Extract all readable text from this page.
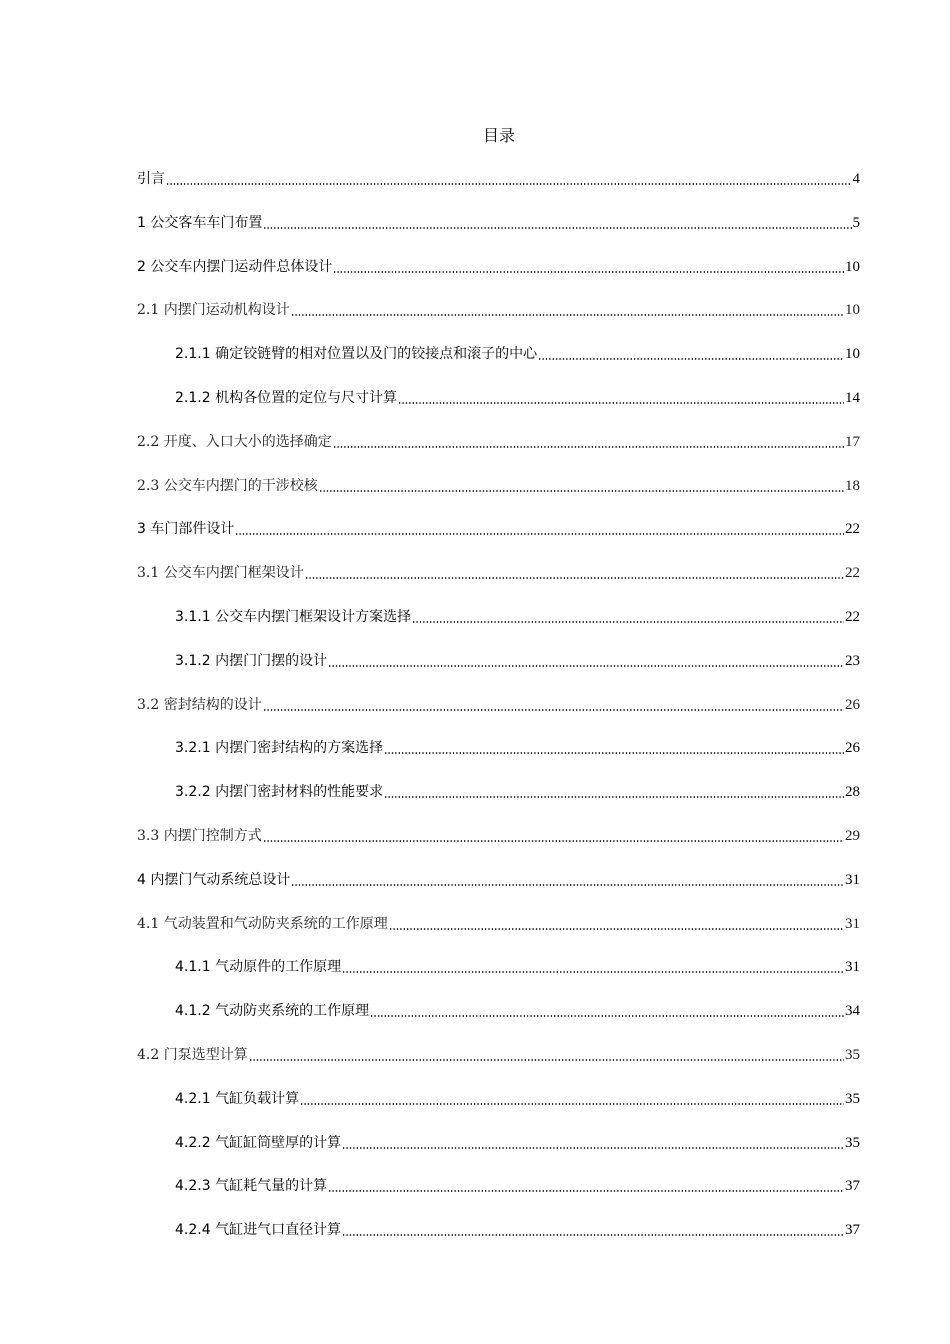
目录
引言	4
1 公交客车车门布置	5
2 公交车内摆门运动件总体设计	10
2.1 内摆门运动机构设计	10
2.1.1 确定铰链臂的相对位置以及门的铰接点和滚子的中心	10
2.1.2 机构各位置的定位与尺寸计算	14
2.2 开度、入口大小的选择确定	17
2.3 公交车内摆门的干涉校核	18
3 车门部件设计	22
3.1 公交车内摆门框架设计	22
3.1.1 公交车内摆门框架设计方案选择	22
3.1.2 内摆门门摆的设计	23
3.2 密封结构的设计	26
3.2.1 内摆门密封结构的方案选择	26
3.2.2 内摆门密封材料的性能要求	28
3.3 内摆门控制方式	29
4 内摆门气动系统总设计	31
4.1 气动装置和气动防夹系统的工作原理	31
4.1.1 气动原件的工作原理	31
4.1.2 气动防夹系统的工作原理	34
4.2 门泵选型计算	35
4.2.1 气缸负载计算	35
4.2.2 气缸缸筒壁厚的计算	35
4.2.3 气缸耗气量的计算	37
4.2.4 气缸进气口直径计算	37
